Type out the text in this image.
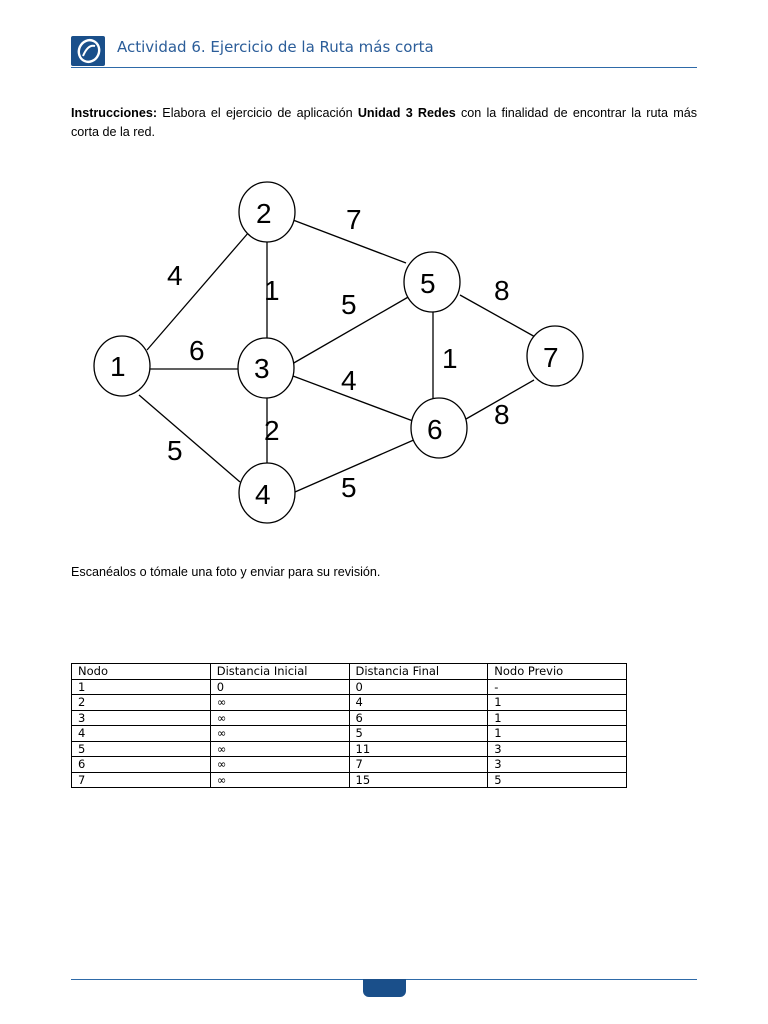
Actividad 6. Ejercicio de la Ruta más corta
Instrucciones: Elabora el ejercicio de aplicación Unidad 3 Redes con la finalidad de encontrar la ruta más corta de la red.
4
6
5
1
7
5
2
4
5
1
8
8
1
2
3
4
5
6
7
Escanéalos o tómale una foto y enviar para su revisión.
Nodo	Distancia Inicial	Distancia Final	Nodo Previo
1	0	0	-
2	∞	4	1
3	∞	6	1
4	∞	5	1
5	∞	11	3
6	∞	7	3
7	∞	15	5
